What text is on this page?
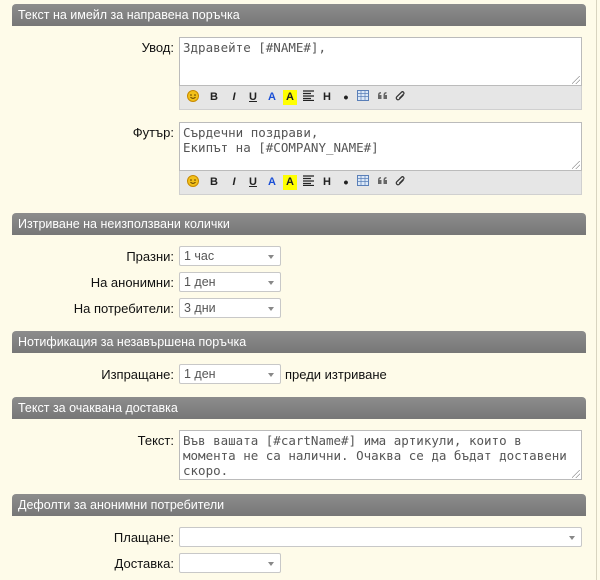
Текст на имейл за направена поръчка
Увод: Здравейте [#NAME#],
B	I	U A A	H •
Футър: Сърдечни поздрави,
Екипът на [#COMPANY_NAME#]
B	I	U A A	H •
Изтриване на неизползвани колички
Празни: 1 час
На анонимни: 1 ден
На потребители: 3 дни
Нотификация за незавършена поръчка
Изпращане: 1 ден	преди изтриване
Текст за очаквана доставка
Текст: Във вашата [#cartName#] има артикули, които в
момента не са налични. Очаква се да бъдат доставени
скоро.
Дефолти за анонимни потребители
Плащане:
Доставка:
